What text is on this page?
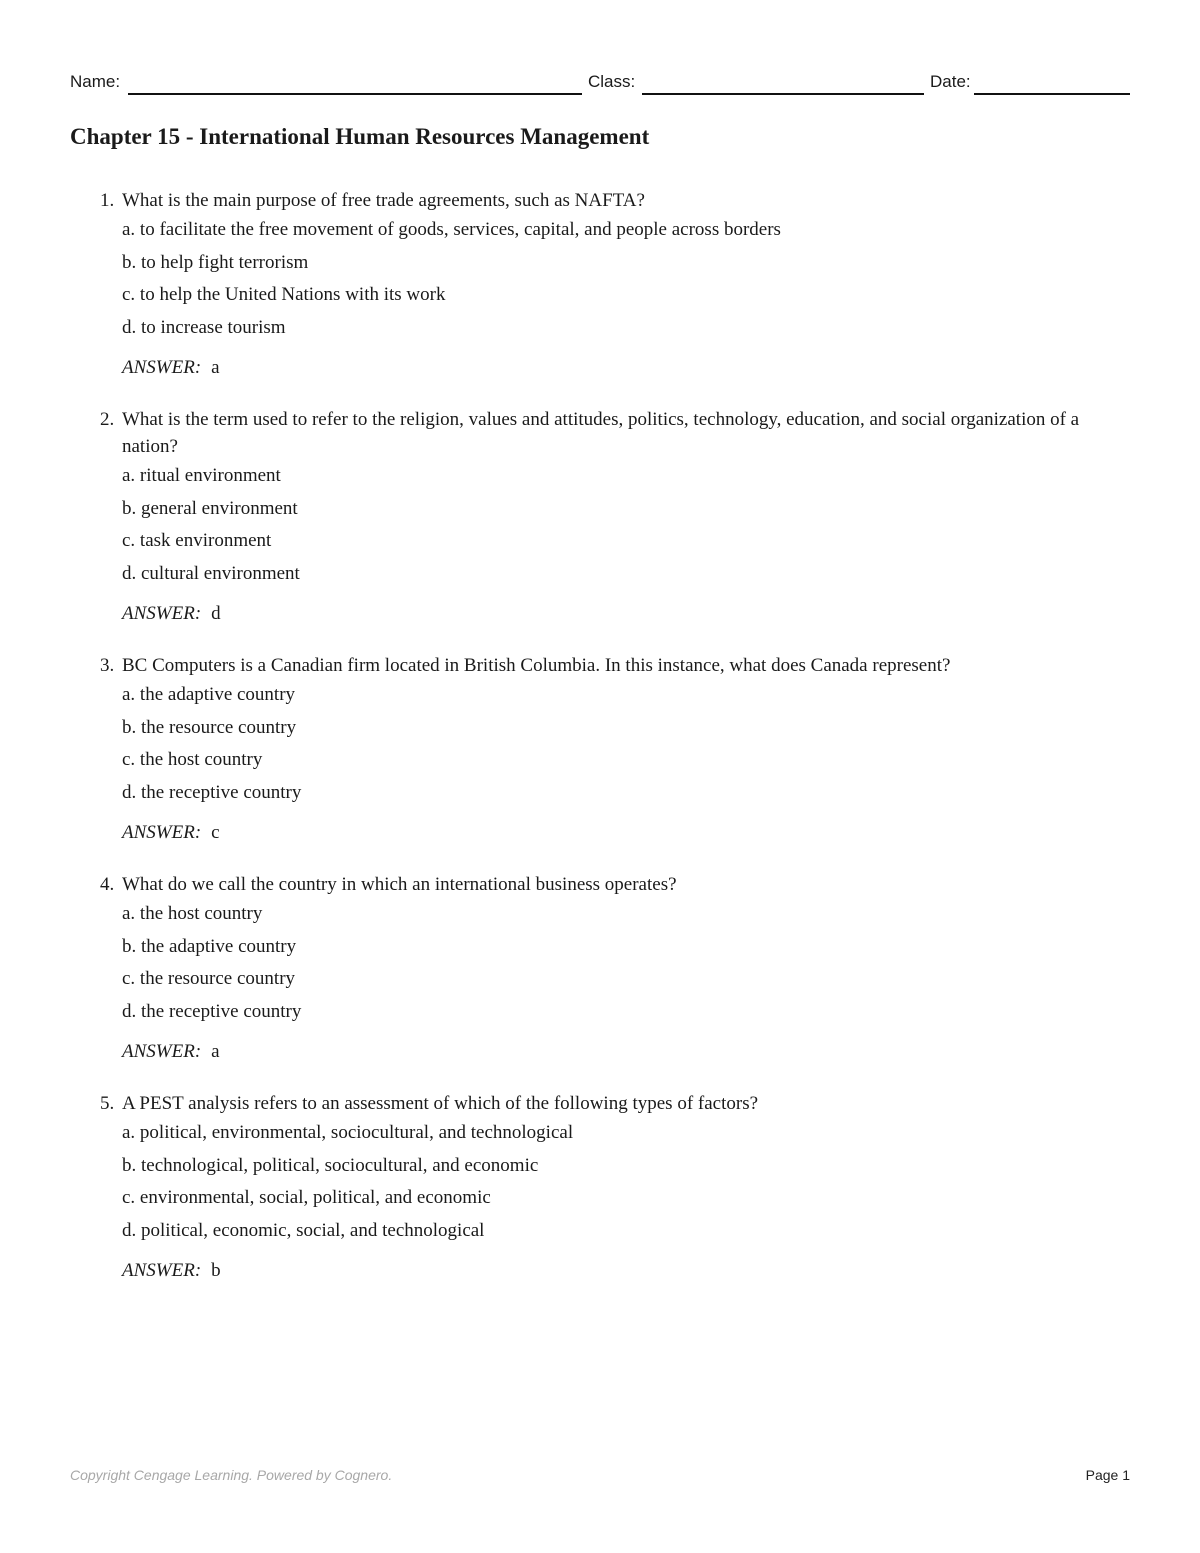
Name:	Class:	Date:
Chapter 15 - International Human Resources Management
1. What is the main purpose of free trade agreements, such as NAFTA?
a. to facilitate the free movement of goods, services, capital, and people across borders
b. to help fight terrorism
c. to help the United Nations with its work
d. to increase tourism
ANSWER: a
2. What is the term used to refer to the religion, values and attitudes, politics, technology, education, and social organization of a nation?
a. ritual environment
b. general environment
c. task environment
d. cultural environment
ANSWER: d
3. BC Computers is a Canadian firm located in British Columbia. In this instance, what does Canada represent?
a. the adaptive country
b. the resource country
c. the host country
d. the receptive country
ANSWER: c
4. What do we call the country in which an international business operates?
a. the host country
b. the adaptive country
c. the resource country
d. the receptive country
ANSWER: a
5. A PEST analysis refers to an assessment of which of the following types of factors?
a. political, environmental, sociocultural, and technological
b. technological, political, sociocultural, and economic
c. environmental, social, political, and economic
d. political, economic, social, and technological
ANSWER: b
Copyright Cengage Learning. Powered by Cognero.	Page 1
